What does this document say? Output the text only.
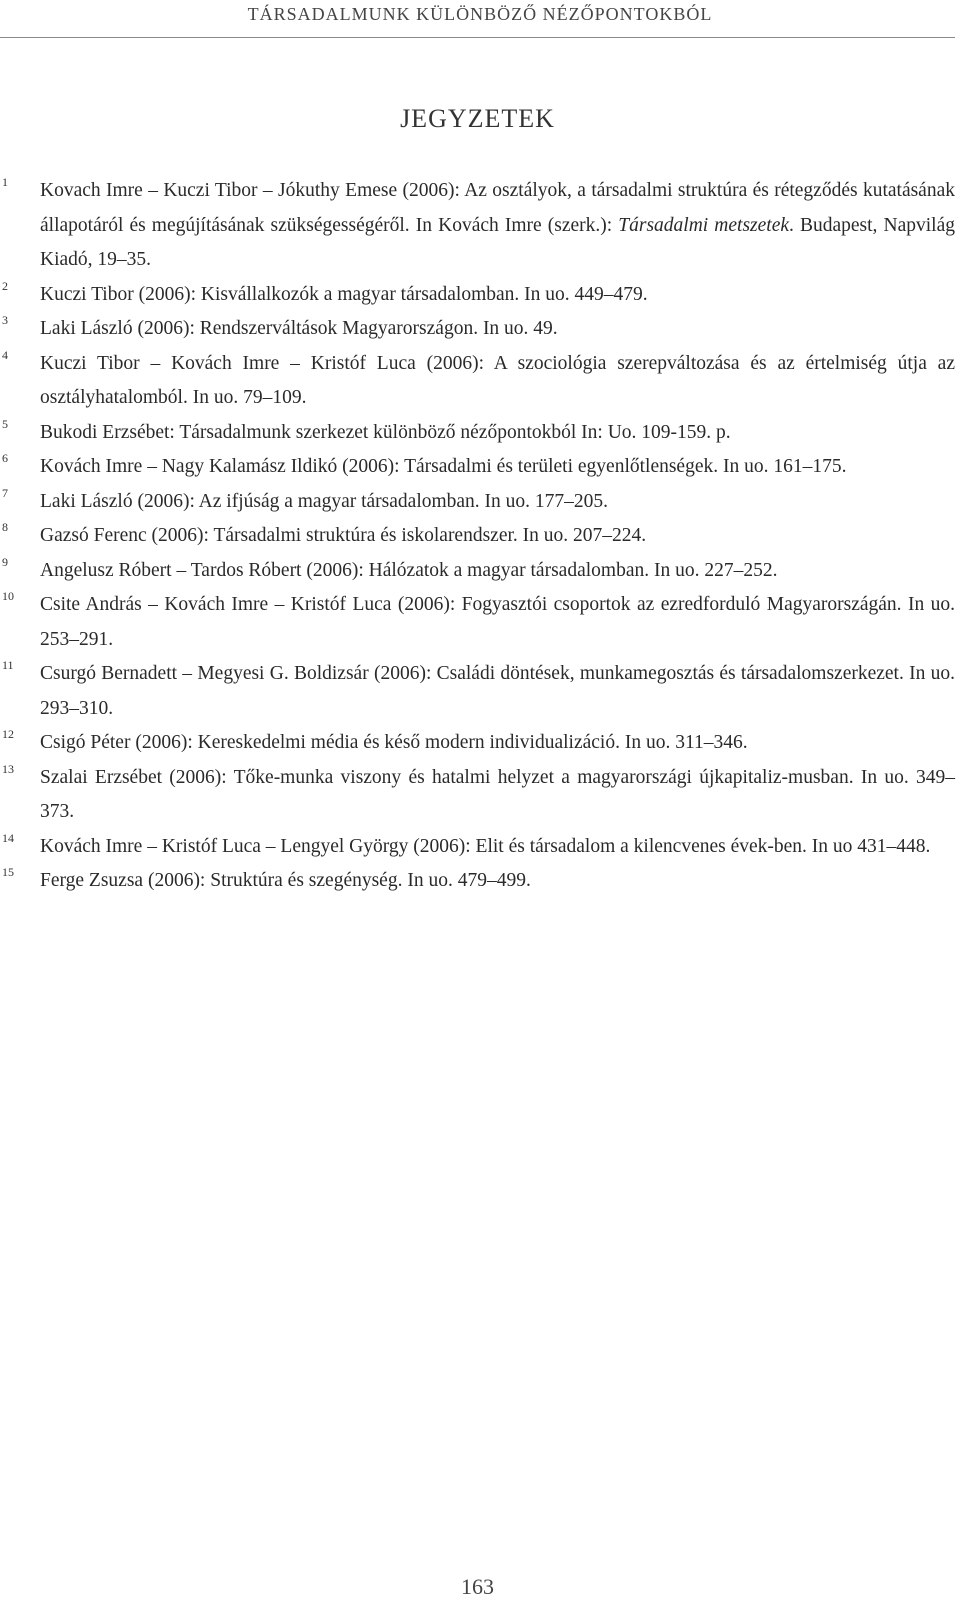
TÁRSADALMUNK KÜLÖNBÖZŐ NÉZŐPONTOKBÓL
JEGYZETEK
1 Kovach Imre – Kuczi Tibor – Jókuthy Emese (2006): Az osztályok, a társadalmi struktúra és rétegződés kutatásának állapotáról és megújításának szükségességéről. In Kovách Imre (szerk.): Társadalmi metszetek. Budapest, Napvilág Kiadó, 19–35.
2 Kuczi Tibor (2006): Kisvállalkozók a magyar társadalomban. In uo. 449–479.
3 Laki László (2006): Rendszerváltások Magyarországon. In uo. 49.
4 Kuczi Tibor – Kovách Imre – Kristóf Luca (2006): A szociológia szerepváltozása és az értelmiség útja az osztályhatalomból. In uo. 79–109.
5 Bukodi Erzsébet: Társadalmunk szerkezet különböző nézőpontokból In: Uo. 109-159. p.
6 Kovách Imre – Nagy Kalamász Ildikó (2006): Társadalmi és területi egyenlőtlenségek. In uo. 161–175.
7 Laki László (2006): Az ifjúság a magyar társadalomban. In uo. 177–205.
8 Gazsó Ferenc (2006): Társadalmi struktúra és iskolarendszer. In uo. 207–224.
9 Angelusz Róbert – Tardos Róbert (2006): Hálózatok a magyar társadalomban. In uo. 227–252.
10 Csite András – Kovách Imre – Kristóf Luca (2006): Fogyasztói csoportok az ezredforduló Magyarországán. In uo. 253–291.
11 Csurgó Bernadett – Megyesi G. Boldizsár (2006): Családi döntések, munkamegosztás és társadalomszerkezet. In uo. 293–310.
12 Csigó Péter (2006): Kereskedelmi média és késő modern individualizáció. In uo. 311–346.
13 Szalai Erzsébet (2006): Tőke-munka viszony és hatalmi helyzet a magyarországi újkapitaliz-musban. In uo. 349–373.
14 Kovách Imre – Kristóf Luca – Lengyel György (2006): Elit és társadalom a kilencvenes évek-ben. In uo 431–448.
15 Ferge Zsuzsa (2006): Struktúra és szegénység. In uo. 479–499.
163
